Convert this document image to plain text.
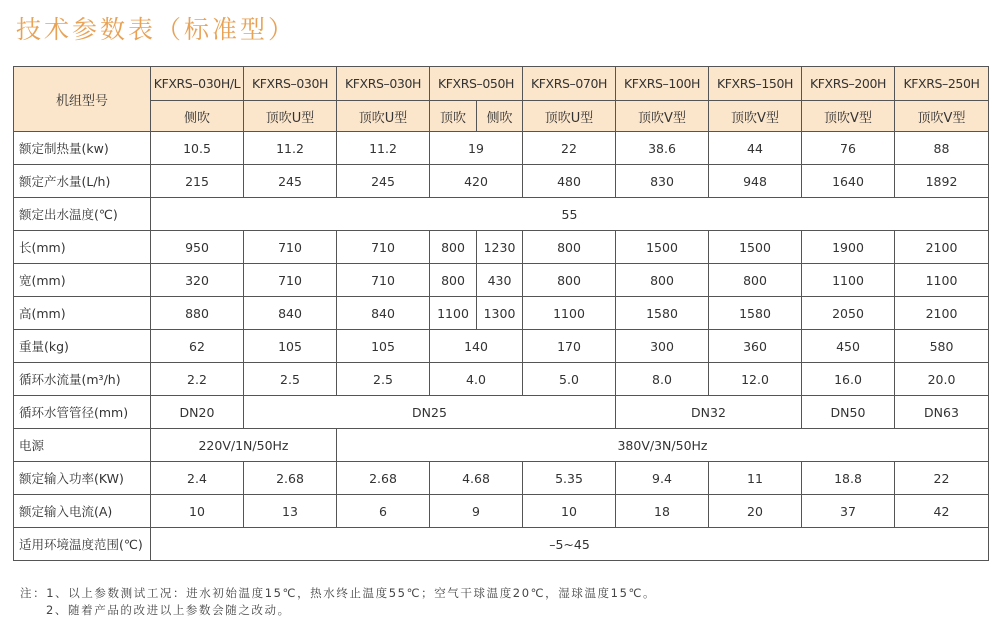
技术参数表（标准型）
机组型号	KFXRS–030H/L	KFXRS–030H	KFXRS–030H	KFXRS–050H		KFXRS–070H	KFXRS–100H	KFXRS–150H	KFXRS–200H	KFXRS–250H
	侧吹	顶吹U型	顶吹U型	顶吹	侧吹	顶吹U型	顶吹V型	顶吹V型	顶吹V型	顶吹V型
额定制热量(kw)	10.5	11.2	11.2	19		22	38.6	44	76	88
额定产水量(L/h)	215	245	245	420		480	830	948	1640	1892
额定出水温度(℃)	55									
长(mm)	950	710	710	800	1230	800	1500	1500	1900	2100
宽(mm)	320	710	710	800	430	800	800	800	1100	1100
高(mm)	880	840	840	1100	1300	1100	1580	1580	2050	2100
重量(kg)	62	105	105	140		170	300	360	450	580
循环水流量(m³/h)	2.2	2.5	2.5	4.0		5.0	8.0	12.0	16.0	20.0
循环水管管径(mm)	DN20	DN25					DN32		DN50	DN63
电源	220V/1N/50Hz		380V/3N/50Hz							
额定输入功率(KW)	2.4	2.68	2.68	4.68		5.35	9.4	11	18.8	22
额定输入电流(A)	10	13	6	9		10	18	20	37	42
适用环境温度范围(℃)	–5~45									
注：1、以上参数测试工况：进水初始温度15℃，热水终止温度55℃；空气干球温度20℃，湿球温度15℃。
2、随着产品的改进以上参数会随之改动。
